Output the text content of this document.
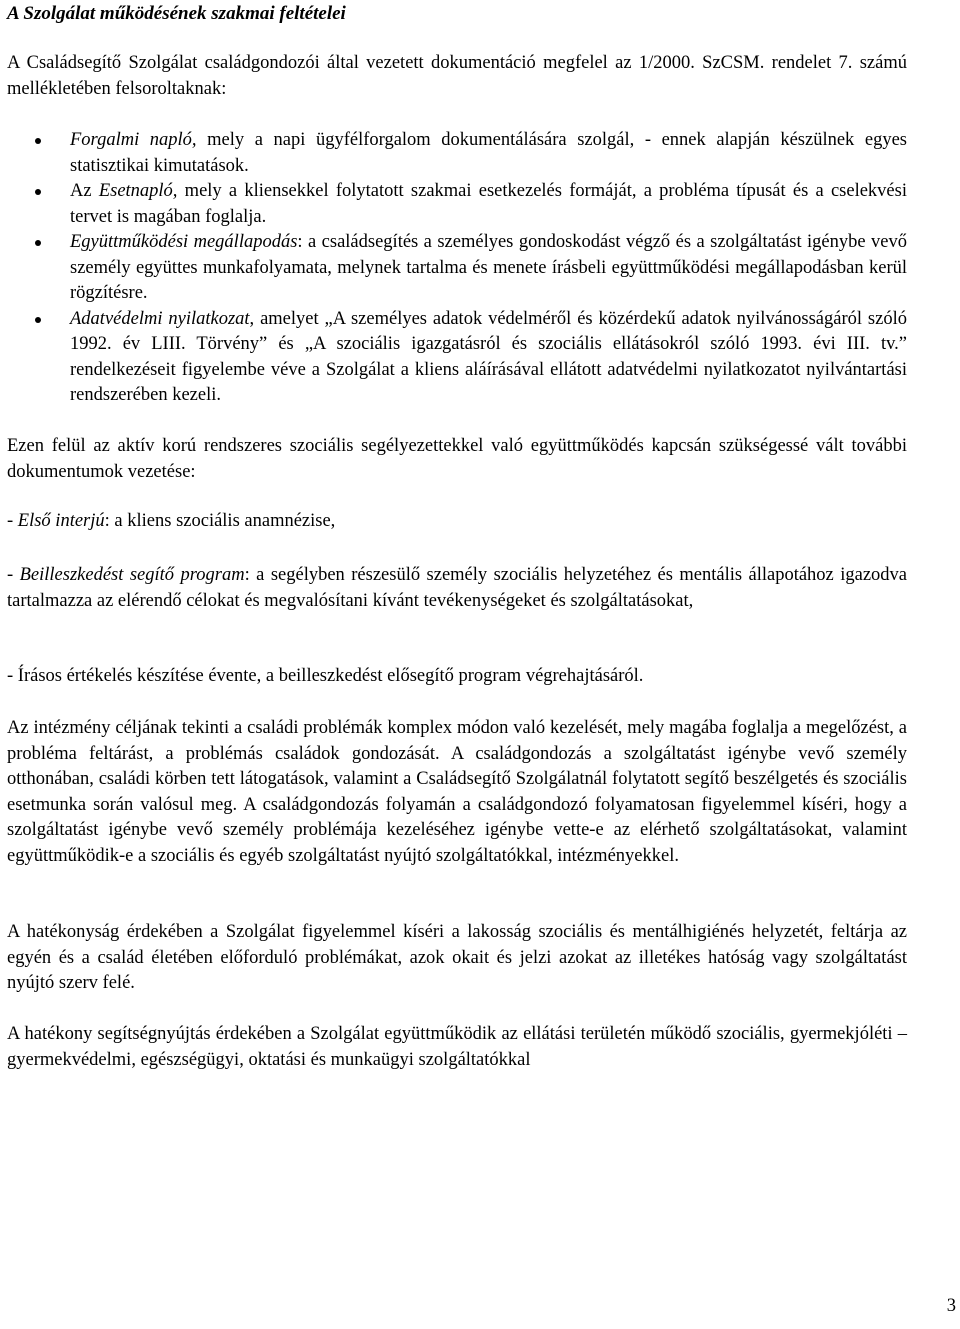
A Szolgálat működésének szakmai feltételei

A Családsegítő Szolgálat családgondozói által vezetett dokumentáció megfelel az 1/2000. SzCSM. rendelet 7. számú mellékletében felsoroltaknak:

Forgalmi napló, mely a napi ügyfélforgalom dokumentálására szolgál, - ennek alapján készülnek egyes statisztikai kimutatások.
Az Esetnapló, mely a kliensekkel folytatott szakmai esetkezelés formáját, a probléma típusát és a cselekvési tervet is magában foglalja.
Együttműködési megállapodás: a családsegítés a személyes gondoskodást végző és a szolgáltatást igénybe vevő személy együttes munkafolyamata, melynek tartalma és menete írásbeli együttműködési megállapodásban kerül rögzítésre.
Adatvédelmi nyilatkozat, amelyet „A személyes adatok védelméről és közérdekű adatok nyilvánosságáról szóló 1992. év LIII. Törvény” és „A szociális igazgatásról és szociális ellátásokról szóló 1993. évi III. tv.” rendelkezéseit figyelembe véve a Szolgálat a kliens aláírásával ellátott adatvédelmi nyilatkozatot nyilvántartási rendszerében kezeli.

Ezen felül az aktív korú rendszeres szociális segélyezettekkel való együttműködés kapcsán szükségessé vált további dokumentumok vezetése:

- Első interjú: a kliens szociális anamnézise,

- Beilleszkedést segítő program: a segélyben részesülő személy szociális helyzetéhez és mentális állapotához igazodva tartalmazza az elérendő célokat és megvalósítani kívánt tevékenységeket és szolgáltatásokat,

- Írásos értékelés készítése évente, a beilleszkedést elősegítő program végrehajtásáról.

Az intézmény céljának tekinti a családi problémák komplex módon való kezelését, mely magába foglalja a megelőzést, a probléma feltárást, a problémás családok gondozását. A családgondozás a szolgáltatást igénybe vevő személy otthonában, családi körben tett látogatások, valamint a Családsegítő Szolgálatnál folytatott segítő beszélgetés és szociális esetmunka során valósul meg. A családgondozás folyamán a családgondozó folyamatosan figyelemmel kíséri, hogy a szolgáltatást igénybe vevő személy problémája kezeléséhez igénybe vette-e az elérhető szolgáltatásokat, valamint együttműködik-e a szociális és egyéb szolgáltatást nyújtó szolgáltatókkal, intézményekkel.

A hatékonyság érdekében a Szolgálat figyelemmel kíséri a lakosság szociális és mentálhigiénés helyzetét, feltárja az egyén és a család életében előforduló problémákat, azok okait és jelzi azokat az illetékes hatóság vagy szolgáltatást nyújtó szerv felé.

A hatékony segítségnyújtás érdekében a Szolgálat együttműködik az ellátási területén működő szociális, gyermekjóléti – gyermekvédelmi, egészségügyi, oktatási és munkaügyi szolgáltatókkal

3
